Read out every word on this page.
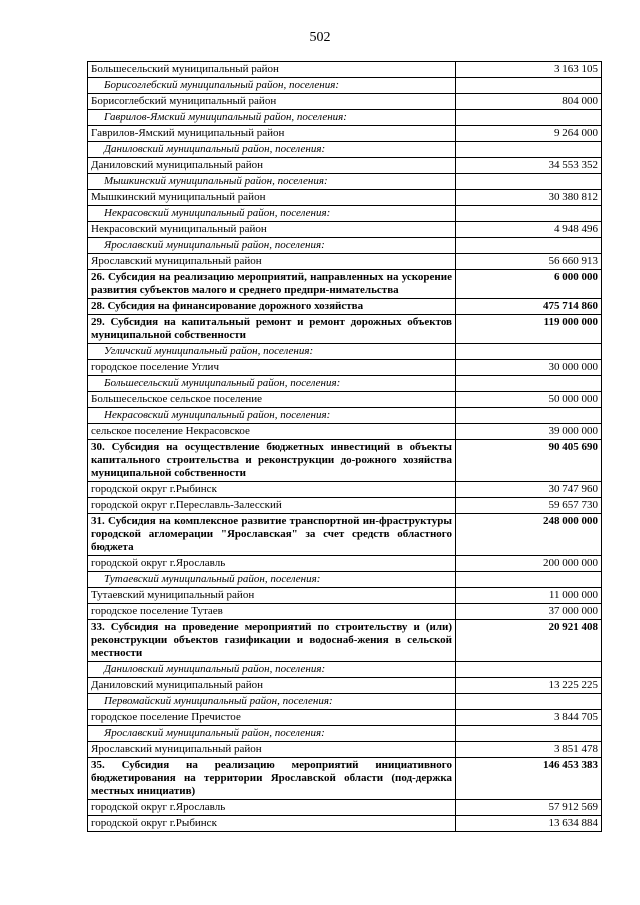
502
Большесельский муниципальный район	3 163 105
Борисоглебский муниципальный район, поселения:	
Борисоглебский муниципальный район	804 000
Гаврилов-Ямский муниципальный район, поселения:	
Гаврилов-Ямский муниципальный район	9 264 000
Даниловский муниципальный район, поселения:	
Даниловский муниципальный район	34 553 352
Мышкинский муниципальный район, поселения:	
Мышкинский муниципальный район	30 380 812
Некрасовский муниципальный район, поселения:	
Некрасовский муниципальный район	4 948 496
Ярославский муниципальный район, поселения:	
Ярославский муниципальный район	56 660 913
26. Субсидия на реализацию мероприятий, направленных на ускорение развития субъектов малого и среднего предпри-нимательства	6 000 000
28. Субсидия на финансирование дорожного хозяйства	475 714 860
29. Субсидия на капитальный ремонт и ремонт дорожных объектов муниципальной собственности	119 000 000
Угличский муниципальный район, поселения:	
городское поселение Углич	30 000 000
Большесельский муниципальный район, поселения:	
Большесельское сельское поселение	50 000 000
Некрасовский муниципальный район, поселения:	
сельское поселение Некрасовское	39 000 000
30. Субсидия на осуществление бюджетных инвестиций в объекты капитального строительства и реконструкции до-рожного хозяйства муниципальной собственности	90 405 690
городской округ г.Рыбинск	30 747 960
городской округ г.Переславль-Залесский	59 657 730
31. Субсидия на комплексное развитие транспортной ин-фраструктуры городской агломерации "Ярославская" за счет средств областного бюджета	248 000 000
городской округ г.Ярославль	200 000 000
Тутаевский муниципальный район, поселения:	
Тутаевский муниципальный район	11 000 000
городское поселение Тутаев	37 000 000
33. Субсидия на проведение мероприятий по строительству и (или) реконструкции объектов газификации и водоснаб-жения в сельской местности	20 921 408
Даниловский муниципальный район, поселения:	
Даниловский муниципальный район	13 225 225
Первомайский муниципальный район, поселения:	
городское поселение Пречистое	3 844 705
Ярославский муниципальный район, поселения:	
Ярославский муниципальный район	3 851 478
35. Субсидия на реализацию мероприятий инициативного бюджетирования на территории Ярославской области (под-держка местных инициатив)	146 453 383
городской округ г.Ярославль	57 912 569
городской округ г.Рыбинск	13 634 884
